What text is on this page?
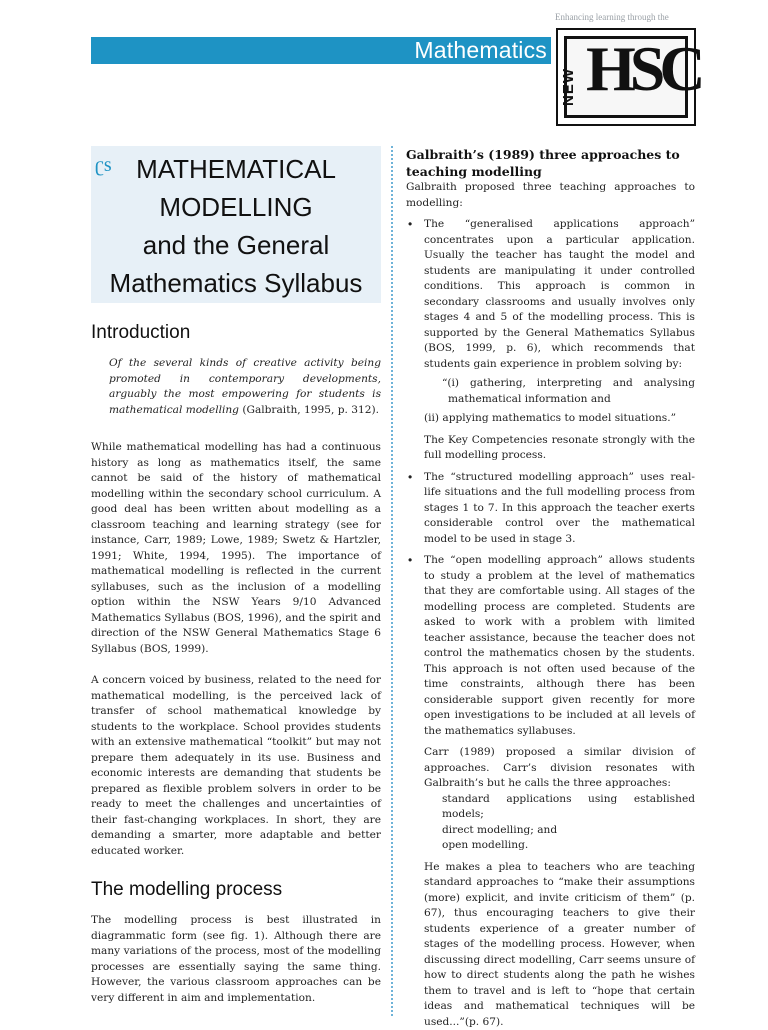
Enhancing learning through the
Mathematics
NEW HSC
ʗs MATHEMATICAL
MODELLING
and the General
Mathematics Syllabus
Introduction

Of the several kinds of creative activity being promoted in contemporary developments, arguably the most empowering for students is mathematical modelling (Galbraith, 1995, p. 312).

While mathematical modelling has had a continuous history as long as mathematics itself, the same cannot be said of the history of mathematical modelling within the secondary school curriculum. A good deal has been written about modelling as a classroom teaching and learning strategy (see for instance, Carr, 1989; Lowe, 1989; Swetz & Hartzler, 1991; White, 1994, 1995). The importance of mathematical modelling is reflected in the current syllabuses, such as the inclusion of a modelling option within the NSW Years 9/10 Advanced Mathematics Syllabus (BOS, 1996), and the spirit and direction of the NSW General Mathematics Stage 6 Syllabus (BOS, 1999).

A concern voiced by business, related to the need for mathematical modelling, is the perceived lack of transfer of school mathematical knowledge by students to the workplace. School provides students with an extensive mathematical “toolkit” but may not prepare them adequately in its use. Business and economic interests are demanding that students be prepared as flexible problem solvers in order to be ready to meet the challenges and uncertainties of their fast-changing workplaces. In short, they are demanding a smarter, more adaptable and better educated worker.

The modelling process

The modelling process is best illustrated in diagrammatic form (see fig. 1). Although there are many variations of the process, most of the modelling processes are essentially saying the same thing. However, the various classroom approaches can be very different in aim and implementation.

Galbraith’s (1989) three approaches to teaching modelling

Galbraith proposed three teaching approaches to modelling:

• The “generalised applications approach” concentrates upon a particular application. Usually the teacher has taught the model and students are manipulating it under controlled conditions. This approach is common in secondary classrooms and usually involves only stages 4 and 5 of the modelling process. This is supported by the General Mathematics Syllabus (BOS, 1999, p. 6), which recommends that students gain experience in problem solving by:

“(i) gathering, interpreting and analysing mathematical information and

(ii) applying mathematics to model situations.”

The Key Competencies resonate strongly with the full modelling process.

• The “structured modelling approach” uses real-life situations and the full modelling process from stages 1 to 7. In this approach the teacher exerts considerable control over the mathematical model to be used in stage 3.

• The “open modelling approach” allows students to study a problem at the level of mathematics that they are comfortable using. All stages of the modelling process are completed. Students are asked to work with a problem with limited teacher assistance, because the teacher does not control the mathematics chosen by the students. This approach is not often used because of the time constraints, although there has been considerable support given recently for more open investigations to be included at all levels of the mathematics syllabuses.

Carr (1989) proposed a similar division of approaches. Carr’s division resonates with Galbraith’s but he calls the three approaches:

standard applications using established models;

direct modelling; and

open modelling.

He makes a plea to teachers who are teaching standard approaches to “make their assumptions (more) explicit, and invite criticism of them” (p. 67), thus encouraging teachers to give their students experience of a greater number of stages of the modelling process. However, when discussing direct modelling, Carr seems unsure of how to direct students along the path he wishes them to travel and is left to “hope that certain ideas and mathematical techniques will be used...”(p. 67).
